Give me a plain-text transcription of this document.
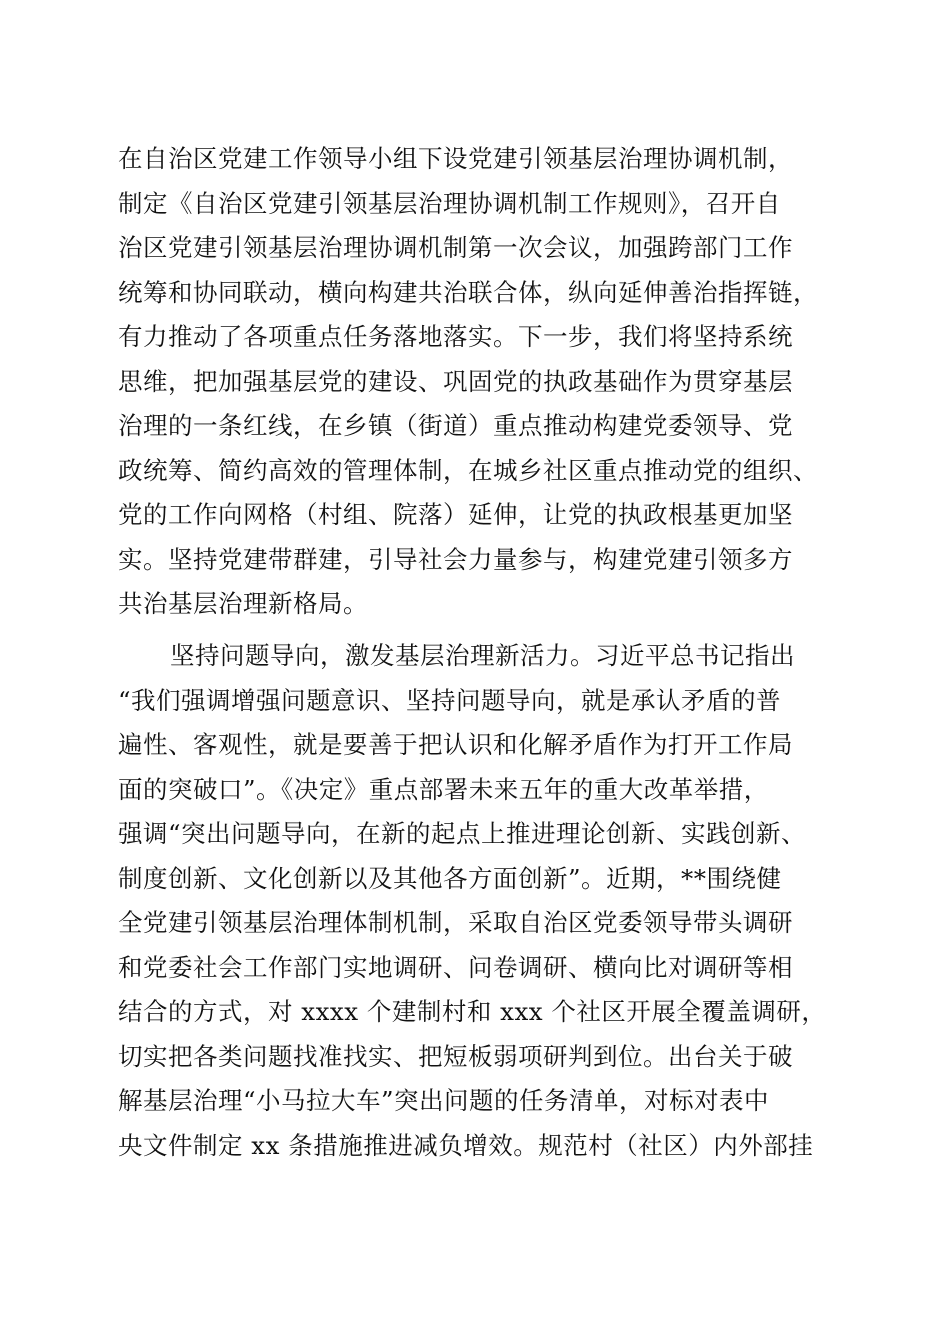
在自治区党建工作领导小组下设党建引领基层治理协调机制，
制定《自治区党建引领基层治理协调机制工作规则》，召开自
治区党建引领基层治理协调机制第一次会议，加强跨部门工作
统筹和协同联动，横向构建共治联合体，纵向延伸善治指挥链，
有力推动了各项重点任务落地落实。下一步，我们将坚持系统
思维，把加强基层党的建设、巩固党的执政基础作为贯穿基层
治理的一条红线，在乡镇（街道）重点推动构建党委领导、党
政统筹、简约高效的管理体制，在城乡社区重点推动党的组织、
党的工作向网格（村组、院落）延伸，让党的执政根基更加坚
实。坚持党建带群建，引导社会力量参与，构建党建引领多方
共治基层治理新格局。
坚持问题导向，激发基层治理新活力。习近平总书记指出
“我们强调增强问题意识、坚持问题导向，就是承认矛盾的普
遍性、客观性，就是要善于把认识和化解矛盾作为打开工作局
面的突破口”。《决定》重点部署未来五年的重大改革举措，
强调“突出问题导向，在新的起点上推进理论创新、实践创新、
制度创新、文化创新以及其他各方面创新”。近期，**围绕健
全党建引领基层治理体制机制，采取自治区党委领导带头调研
和党委社会工作部门实地调研、问卷调研、横向比对调研等相
结合的方式，对 xxxx 个建制村和 xxx 个社区开展全覆盖调研，
切实把各类问题找准找实、把短板弱项研判到位。出台关于破
解基层治理“小马拉大车”突出问题的任务清单，对标对表中
央文件制定 xx 条措施推进减负增效。规范村（社区）内外部挂
